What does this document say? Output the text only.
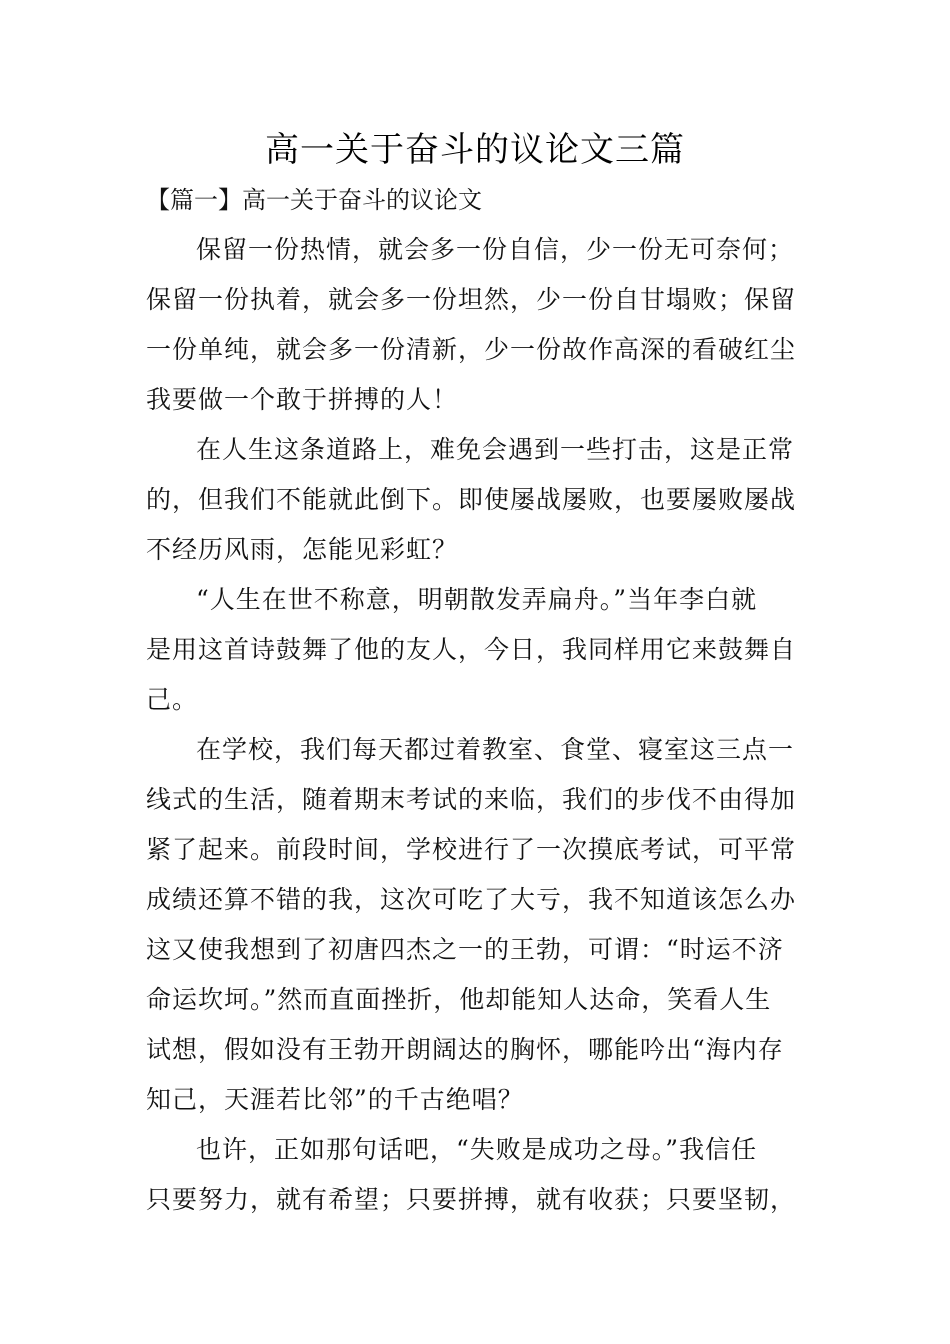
高一关于奋斗的议论文三篇
【篇一】高一关于奋斗的议论文
保留一份热情，就会多一份自信，少一份无可奈何；
保留一份执着，就会多一份坦然，少一份自甘塌败；保留
一份单纯，就会多一份清新，少一份故作高深的看破红尘
我要做一个敢于拼搏的人！
在人生这条道路上，难免会遇到一些打击，这是正常
的，但我们不能就此倒下。即使屡战屡败，也要屡败屡战
不经历风雨，怎能见彩虹？
“人生在世不称意，明朝散发弄扁舟。”当年李白就
是用这首诗鼓舞了他的友人，今日，我同样用它来鼓舞自
己。
在学校，我们每天都过着教室、食堂、寝室这三点一
线式的生活，随着期末考试的来临，我们的步伐不由得加
紧了起来。前段时间，学校进行了一次摸底考试，可平常
成绩还算不错的我，这次可吃了大亏，我不知道该怎么办
这又使我想到了初唐四杰之一的王勃，可谓：“时运不济
命运坎坷。”然而直面挫折，他却能知人达命，笑看人生
试想，假如没有王勃开朗阔达的胸怀，哪能吟出“海内存
知己，天涯若比邻”的千古绝唱？
也许，正如那句话吧，“失败是成功之母。”我信任
只要努力，就有希望；只要拼搏，就有收获；只要坚韧，
